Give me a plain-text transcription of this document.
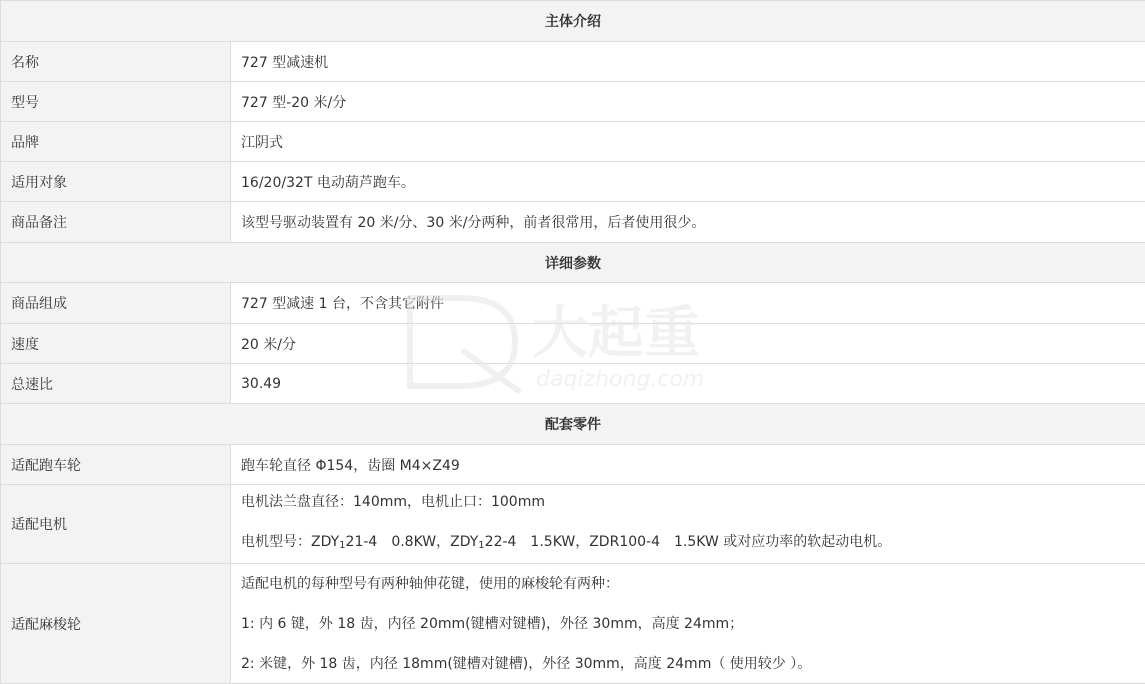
主体介绍	
名称	727 型减速机
型号	727 型-20 米/分
品牌	江阴式
适用对象	16/20/32T 电动葫芦跑车。
商品备注	该型号驱动装置有 20 米/分、30 米/分两种，前者很常用，后者使用很少。
详细参数	
商品组成	727 型减速 1 台，不含其它附件
速度	20 米/分
总速比	30.49
配套零件	
适配跑车轮	跑车轮直径 Φ154，齿圈 M4×Z49
适配电机	电机法兰盘直径：140mm，电机止口：100mm

电机型号：$ZDY_121-4$　0.8KW，$ZDY_122-4$　1.5KW，ZDR100-4　1.5KW 或对应功率的软起动电机。

适配麻梭轮	适配电机的每种型号有两种轴伸花键，使用的麻梭轮有两种：

1: 内 6 键，外 18 齿，内径 20mm(键槽对键槽)，外径 30mm，高度 24mm；

2: 米键，外 18 齿，内径 18mm(键槽对键槽)，外径 30mm，高度 24mm（ 使用较少 ）。

大起重
daqizhong.com
